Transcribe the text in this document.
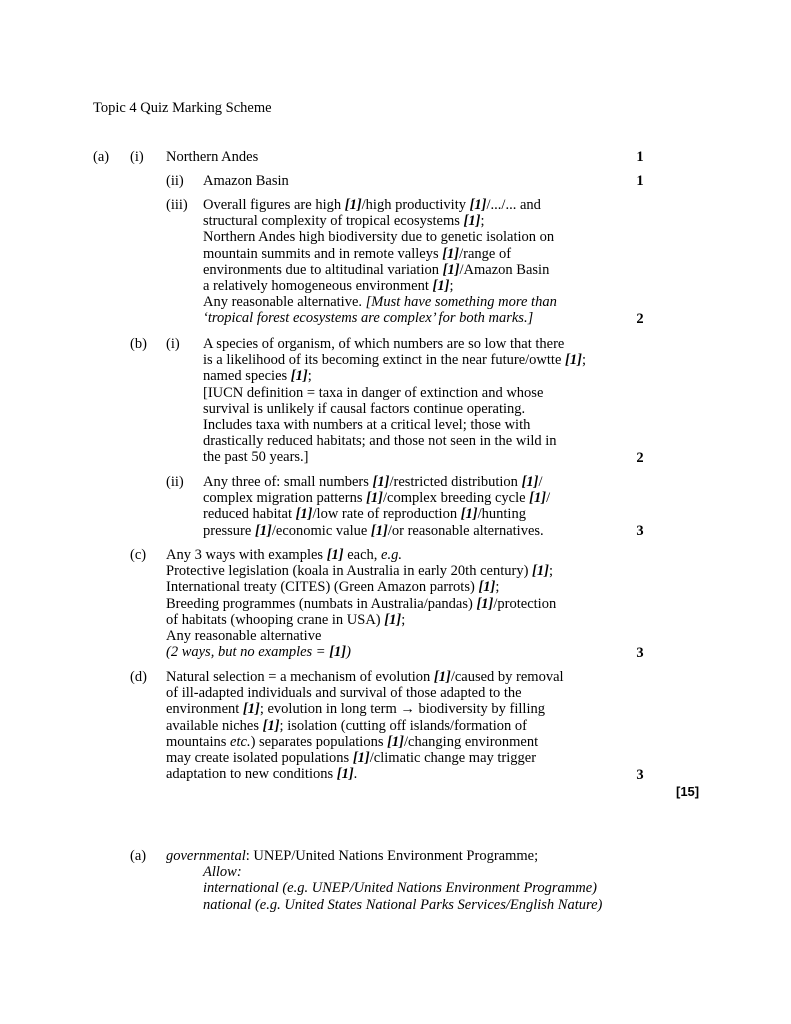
Topic 4 Quiz Marking Scheme
(a) (i) Northern Andes	1
(ii) Amazon Basin	1
(iii) Overall figures are high [1]/high productivity [1]/.../... and
structural complexity of tropical ecosystems [1];
Northern Andes high biodiversity due to genetic isolation on
mountain summits and in remote valleys [1]/range of
environments due to altitudinal variation [1]/Amazon Basin
a relatively homogeneous environment [1];
Any reasonable alternative. [Must have something more than
‘tropical forest ecosystems are complex’ for both marks.]	2
(b) (i) A species of organism, of which numbers are so low that there
is a likelihood of its becoming extinct in the near future/owtte [1];
named species [1];
[IUCN definition = taxa in danger of extinction and whose
survival is unlikely if causal factors continue operating.
Includes taxa with numbers at a critical level; those with
drastically reduced habitats; and those not seen in the wild in
the past 50 years.]	2
(ii) Any three of: small numbers [1]/restricted distribution [1]/
complex migration patterns [1]/complex breeding cycle [1]/
reduced habitat [1]/low rate of reproduction [1]/hunting
pressure [1]/economic value [1]/or reasonable alternatives.	3
(c) Any 3 ways with examples [1] each, e.g.
Protective legislation (koala in Australia in early 20th century) [1];
International treaty (CITES) (Green Amazon parrots) [1];
Breeding programmes (numbats in Australia/pandas) [1]/protection
of habitats (whooping crane in USA) [1];
Any reasonable alternative
(2 ways, but no examples = [1])	3
(d) Natural selection = a mechanism of evolution [1]/caused by removal
of ill-adapted individuals and survival of those adapted to the
environment [1]; evolution in long term → biodiversity by filling
available niches [1]; isolation (cutting off islands/formation of
mountains etc.) separates populations [1]/changing environment
may create isolated populations [1]/climatic change may trigger
adaptation to new conditions [1].	3
[15]
(a) governmental: UNEP/United Nations Environment Programme;
Allow:
international (e.g. UNEP/United Nations Environment Programme)
national (e.g. United States National Parks Services/English Nature)
